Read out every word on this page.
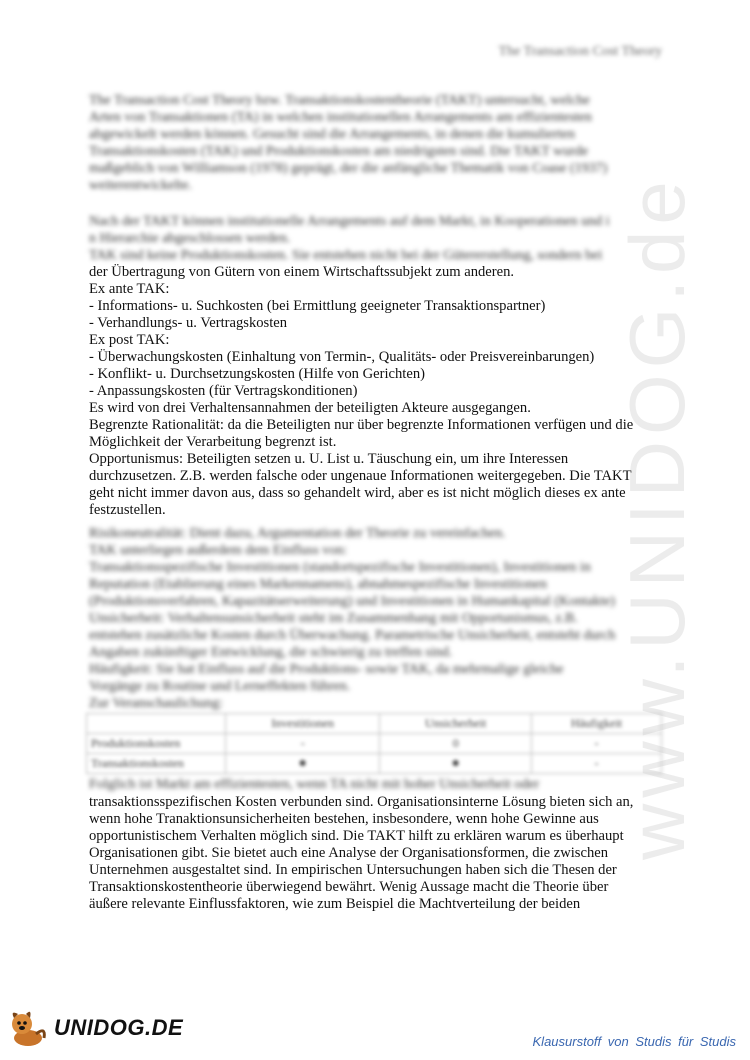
www.UNIDOG.de
The Transaction Cost Theory
The Transaction Cost Theory bzw. Transaktionskostentheorie (TAKT) untersucht, welche
Arten von Transaktionen (TA) in welchen institutionellen Arrangements am effizientesten
abgewickelt werden können. Gesucht sind die Arrangements, in denen die kumulierten
Transaktionskosten (TAK) und Produktionskosten am niedrigsten sind. Die TAKT wurde
maßgeblich von Williamson (1978) geprägt, der die anfängliche Thematik von Coase (1937)
weiterentwickelte.
Nach der TAKT können institutionelle Arrangements auf dem Markt, in Kooperationen und i
n Hierarchie abgeschlossen werden.
TAK sind keine Produktionskosten. Sie entstehen nicht bei der Gütererstellung, sondern bei
der Übertragung von Gütern von einem Wirtschaftssubjekt zum anderen.
Ex ante TAK:
- Informations- u. Suchkosten (bei Ermittlung geeigneter Transaktionspartner)
- Verhandlungs- u. Vertragskosten
Ex post TAK:
- Überwachungskosten (Einhaltung von Termin-, Qualitäts- oder Preisvereinbarungen)
- Konflikt- u. Durchsetzungskosten (Hilfe von Gerichten)
- Anpassungskosten (für Vertragskonditionen)
Es wird von drei Verhaltensannahmen der beteiligten Akteure ausgegangen.
Begrenzte Rationalität: da die Beteiligten nur über begrenzte Informationen verfügen und die
Möglichkeit der Verarbeitung begrenzt ist.
Opportunismus: Beteiligten setzen u. U. List u. Täuschung ein, um ihre Interessen
durchzusetzen. Z.B. werden falsche oder ungenaue Informationen weitergegeben. Die TAKT
geht nicht immer davon aus, dass so gehandelt wird, aber es ist nicht möglich dieses ex ante
festzustellen.
Risikoneutralität: Dient dazu, Argumentation der Theorie zu vereinfachen.
TAK unterliegen außerdem dem Einfluss von:
Transaktionsspezifische Investitionen (standortspezifische Investitionen), Investitionen in
Reputation (Etablierung eines Markennamens), abnahmespezifische Investitionen
(Produktionsverfahren, Kapazitätserweiterung) und Investitionen in Humankapital (Kontakte)
Unsicherheit: Verhaltensunsicherheit steht im Zusammenhang mit Opportunismus, z.B.
entstehen zusätzliche Kosten durch Überwachung. Parametrische Unsicherheit, entsteht durch
Angaben zukünftiger Entwicklung, die schwierig zu treffen sind.
Häufigkeit: Sie hat Einfluss auf die Produktions- sowie TAK, da mehrmalige gleiche
Vorgänge zu Routine und Lerneffekten führen.
Zur Veranschaulichung:
	Investitionen	Unsicherheit	Häufigkeit
Produktionskosten	-	0	-
Transaktionskosten	●	●	-
Folglich ist Markt am effizientesten, wenn TA nicht mit hoher Unsicherheit oder
transaktionsspezifischen Kosten verbunden sind. Organisationsinterne Lösung bieten sich an,
wenn hohe Tranaktionsunsicherheiten bestehen, insbesondere, wenn hohe Gewinne aus
opportunistischem Verhalten möglich sind. Die TAKT hilft zu erklären warum es überhaupt
Organisationen gibt. Sie bietet auch eine Analyse der Organisationsformen, die zwischen
Unternehmen ausgestaltet sind. In empirischen Untersuchungen haben sich die Thesen der
Transaktionskostentheorie überwiegend bewährt. Wenig Aussage macht die Theorie über
äußere relevante Einflussfaktoren, wie zum Beispiel die Machtverteilung der beiden
UNIDOG.DE
Klausurstoff von Studis für Studis
